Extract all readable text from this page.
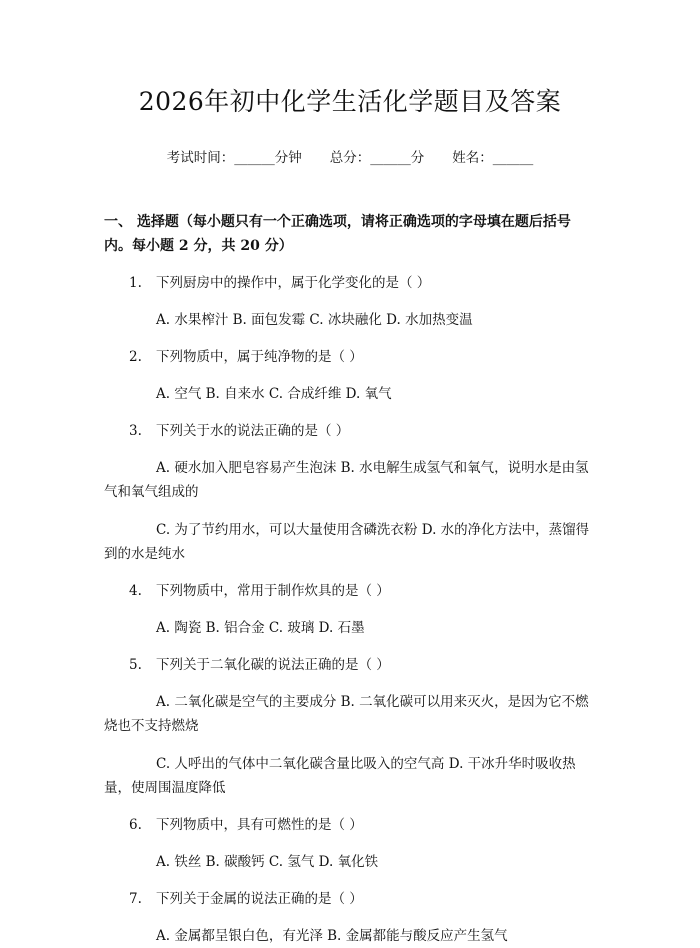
2026年初中化学生活化学题目及答案
考试时间：______分钟 总分：______分 姓名：______
一、 选择题（每小题只有一个正确选项，请将正确选项的字母填在题后括号内。每小题 2 分，共 20 分）
1. 下列厨房中的操作中，属于化学变化的是（ ）
A. 水果榨汁 B. 面包发霉 C. 冰块融化 D. 水加热变温
2. 下列物质中，属于纯净物的是（ ）
A. 空气 B. 自来水 C. 合成纤维 D. 氧气
3. 下列关于水的说法正确的是（ ）
A. 硬水加入肥皂容易产生泡沫 B. 水电解生成氢气和氧气，说明水是由氢气和氧气组成的
C. 为了节约用水，可以大量使用含磷洗衣粉 D. 水的净化方法中，蒸馏得到的水是纯水
4. 下列物质中，常用于制作炊具的是（ ）
A. 陶瓷 B. 铝合金 C. 玻璃 D. 石墨
5. 下列关于二氧化碳的说法正确的是（ ）
A. 二氧化碳是空气的主要成分 B. 二氧化碳可以用来灭火，是因为它不燃烧也不支持燃烧
C. 人呼出的气体中二氧化碳含量比吸入的空气高 D. 干冰升华时吸收热量，使周围温度降低
6. 下列物质中，具有可燃性的是（ ）
A. 铁丝 B. 碳酸钙 C. 氢气 D. 氧化铁
7. 下列关于金属的说法正确的是（ ）
A. 金属都呈银白色，有光泽 B. 金属都能与酸反应产生氢气
